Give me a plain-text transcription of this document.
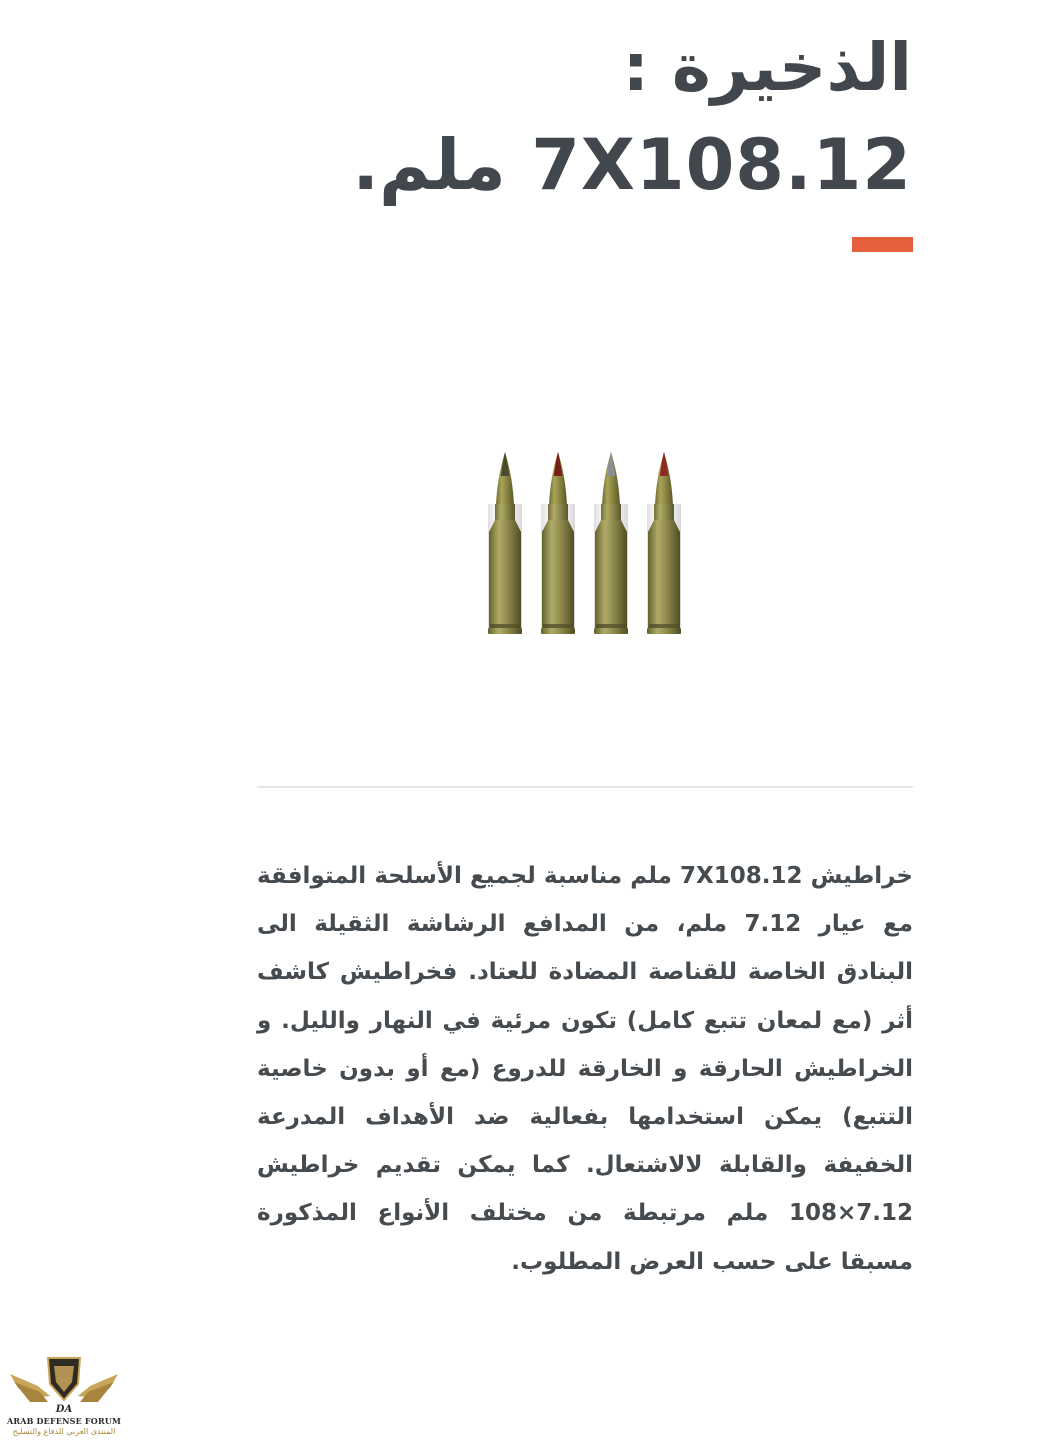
الذخيرة :
7X108.12 ملم.

خراطيش 7X108.12 ملم مناسبة لجميع الأسلحة المتوافقة مع عيار 7.12 ملم، من المدافع الرشاشة الثقيلة الى البنادق الخاصة للقناصة المضادة للعتاد. فخراطيش كاشف أثر (مع لمعان تتبع كامل) تكون مرئية في النهار والليل. و الخراطيش الحارقة و الخارقة للدروع (مع أو بدون خاصية التتبع) يمكن استخدامها بفعالية ضد الأهداف المدرعة الخفيفة والقابلة لالاشتعال. كما يمكن تقديم خراطيش 7.12×108 ملم مرتبطة من مختلف الأنواع المذكورة مسبقا على حسب العرض المطلوب.

DA
ARAB DEFENSE FORUM
المنتدى العربي للدفاع والتسليح
